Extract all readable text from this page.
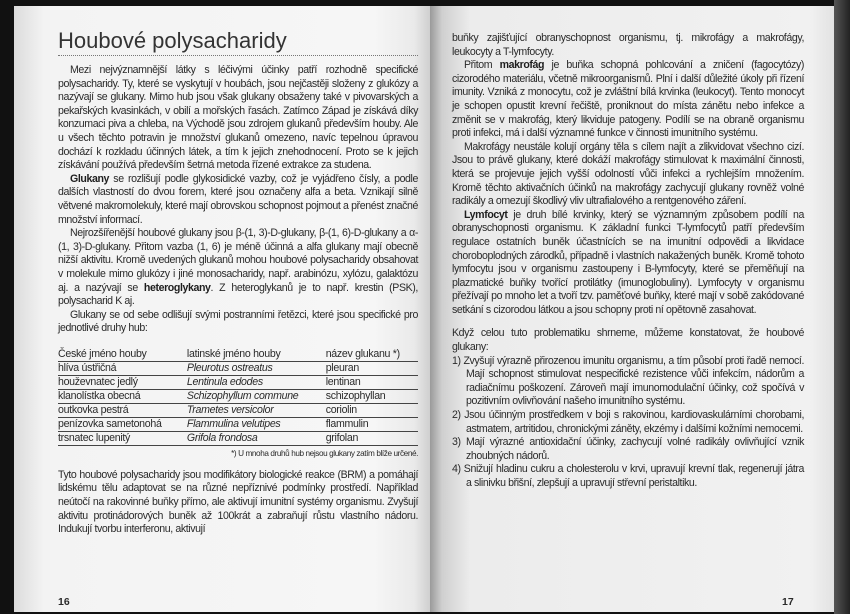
Houbové polysacharidy

Mezi nejvýznamnější látky s léčivými účinky patří rozhodně specifické polysacharidy. Ty, které se vyskytují v houbách, jsou nejčastěji složeny z glukózy a nazývají se glukany. Mimo hub jsou však glukany obsaženy také v pivovarských a pekařských kvasinkách, v obilí a mořských řasách. Zatímco Západ je získává díky konzumaci piva a chleba, na Východě jsou zdrojem glukanů především houby. Ale u všech těchto potravin je množství glukanů omezeno, navíc tepelnou úpravou dochází k rozkladu účinných látek, a tím k jejich znehodnocení. Proto se k jejich získávání používá především šetrná metoda řízené extrakce za studena.

Glukany se rozlišují podle glykosidické vazby, což je vyjádřeno čísly, a podle dalších vlastností do dvou forem, které jsou označeny alfa a beta. Vznikají silně větvené makromolekuly, které mají obrovskou schopnost pojmout a přenést značné množství informací.

Nejrozšířenější houbové glukany jsou β-(1, 3)-D-glukany, β-(1, 6)-D-glukany a α-(1, 3)-D-glukany. Přitom vazba (1, 6) je méně účinná a alfa glukany mají obecně nižší aktivitu. Kromě uvedených glukanů mohou houbové polysacharidy obsahovat v molekule mimo glukózy i jiné monosacharidy, např. arabinózu, xylózu, galaktózu aj. a nazývají se heteroglykany. Z heteroglykanů je to např. krestin (PSK), polysacharid K aj.

Glukany se od sebe odlišují svými postranními řetězci, které jsou specifické pro jednotlivé druhy hub:

České jméno houby	latinské jméno houby	název glukanu *)
hlíva ústřičná	Pleurotus ostreatus	pleuran
houževnatec jedlý	Lentinula edodes	lentinan
klanolístka obecná	Schizophyllum commune	schizophyllan
outkovka pestrá	Trametes versicolor	coriolin
penízovka sametonohá	Flammulina velutipes	flammulin
trsnatec lupenitý	Grifola frondosa	grifolan
*) U mnoha druhů hub nejsou glukany zatím blíže určené.

Tyto houbové polysacharidy jsou modifikátory biologické reakce (BRM) a pomáhají lidskému tělu adaptovat se na různé nepříznivé podmínky prostředí. Například neútočí na rakovinné buňky přímo, ale aktivují imunitní systémy organismu. Zvyšují aktivitu protinádorových buněk až 100krát a zabraňují růstu vlastního nádoru. Indukují tvorbu interferonu, aktivují

16

buňky zajišťující obranyschopnost organismu, tj. mikrofágy a makrofágy, leukocyty a T-lymfocyty.

Přitom makrofág je buňka schopná pohlcování a zničení (fagocytózy) cizorodého materiálu, včetně mikroorganismů. Plní i další důležité úkoly při řízení imunity. Vzniká z monocytu, což je zvláštní bílá krvinka (leukocyt). Tento monocyt je schopen opustit krevní řečiště, proniknout do místa zánětu nebo infekce a změnit se v makrofág, který likviduje patogeny. Podílí se na obraně organismu proti infekci, má i další významné funkce v činnosti imunitního systému.

Makrofágy neustále kolují orgány těla s cílem najít a zlikvidovat všechno cizí. Jsou to právě glukany, které dokáží makrofágy stimulovat k maximální činnosti, která se projevuje jejich vyšší odolností vůči infekci a rychlejším množením. Kromě těchto aktivačních účinků na makrofágy zachycují glukany rovněž volné radikály a omezují škodlivý vliv ultrafialového a rentgenového záření.

Lymfocyt je druh bílé krvinky, který se významným způsobem podílí na obranyschopnosti organismu. K základní funkci T-lymfocytů patří především regulace ostatních buněk účastnících se na imunitní odpovědi a likvidace choroboplodných zárodků, případně i vlastních nakažených buněk. Kromě tohoto lymfocytu jsou v organismu zastoupeny i B-lymfocyty, které se přeměňují na plazmatické buňky tvořící protilátky (imunoglobuliny). Lymfocyty v organismu přežívají po mnoho let a tvoří tzv. paměťové buňky, které mají v sobě zakódované setkání s cizorodou látkou a jsou schopny proti ní opětovně zasahovat.

Když celou tuto problematiku shrneme, můžeme konstatovat, že houbové glukany:

1) Zvyšují výrazně přirozenou imunitu organismu, a tím působí proti řadě nemocí. Mají schopnost stimulovat nespecifické rezistence vůči infekcím, nádorům a radiačnímu poškození. Zároveň mají imunomodulační účinky, což spočívá v pozitivním ovlivňování našeho imunitního systému.
2) Jsou účinným prostředkem v boji s rakovinou, kardiovaskulárními chorobami, astmatem, artritidou, chronickými záněty, ekzémy i dalšími kožními nemocemi.
3) Mají výrazné antioxidační účinky, zachycují volné radikály ovlivňující vznik zhoubných nádorů.
4) Snižují hladinu cukru a cholesterolu v krvi, upravují krevní tlak, regenerují játra a slinivku břišní, zlepšují a upravují střevní peristaltiku.
17
